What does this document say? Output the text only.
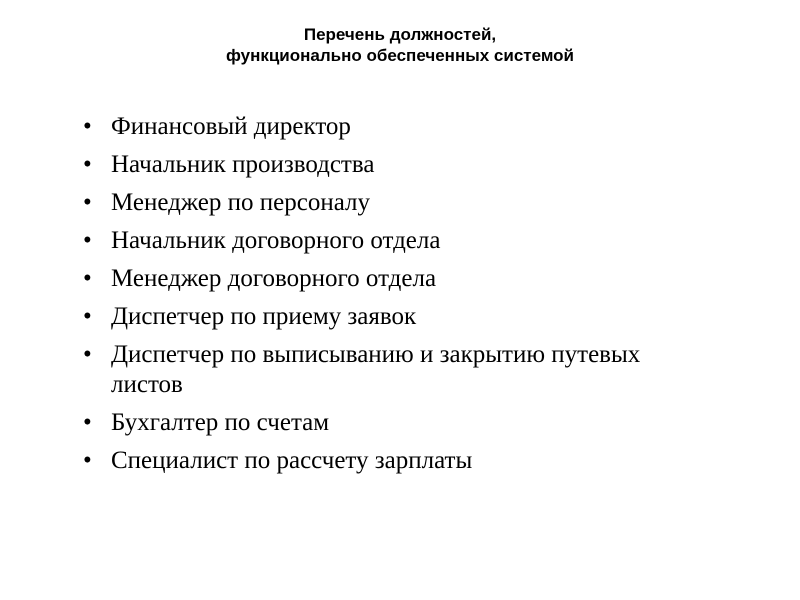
Перечень должностей,
функционально обеспеченных системой
• Финансовый директор
• Начальник производства
• Менеджер по персоналу
• Начальник договорного отдела
• Менеджер договорного отдела
• Диспетчер по приему заявок
• Диспетчер по выписыванию и закрытию путевых листов
• Бухгалтер по счетам
• Специалист по рассчету зарплаты
